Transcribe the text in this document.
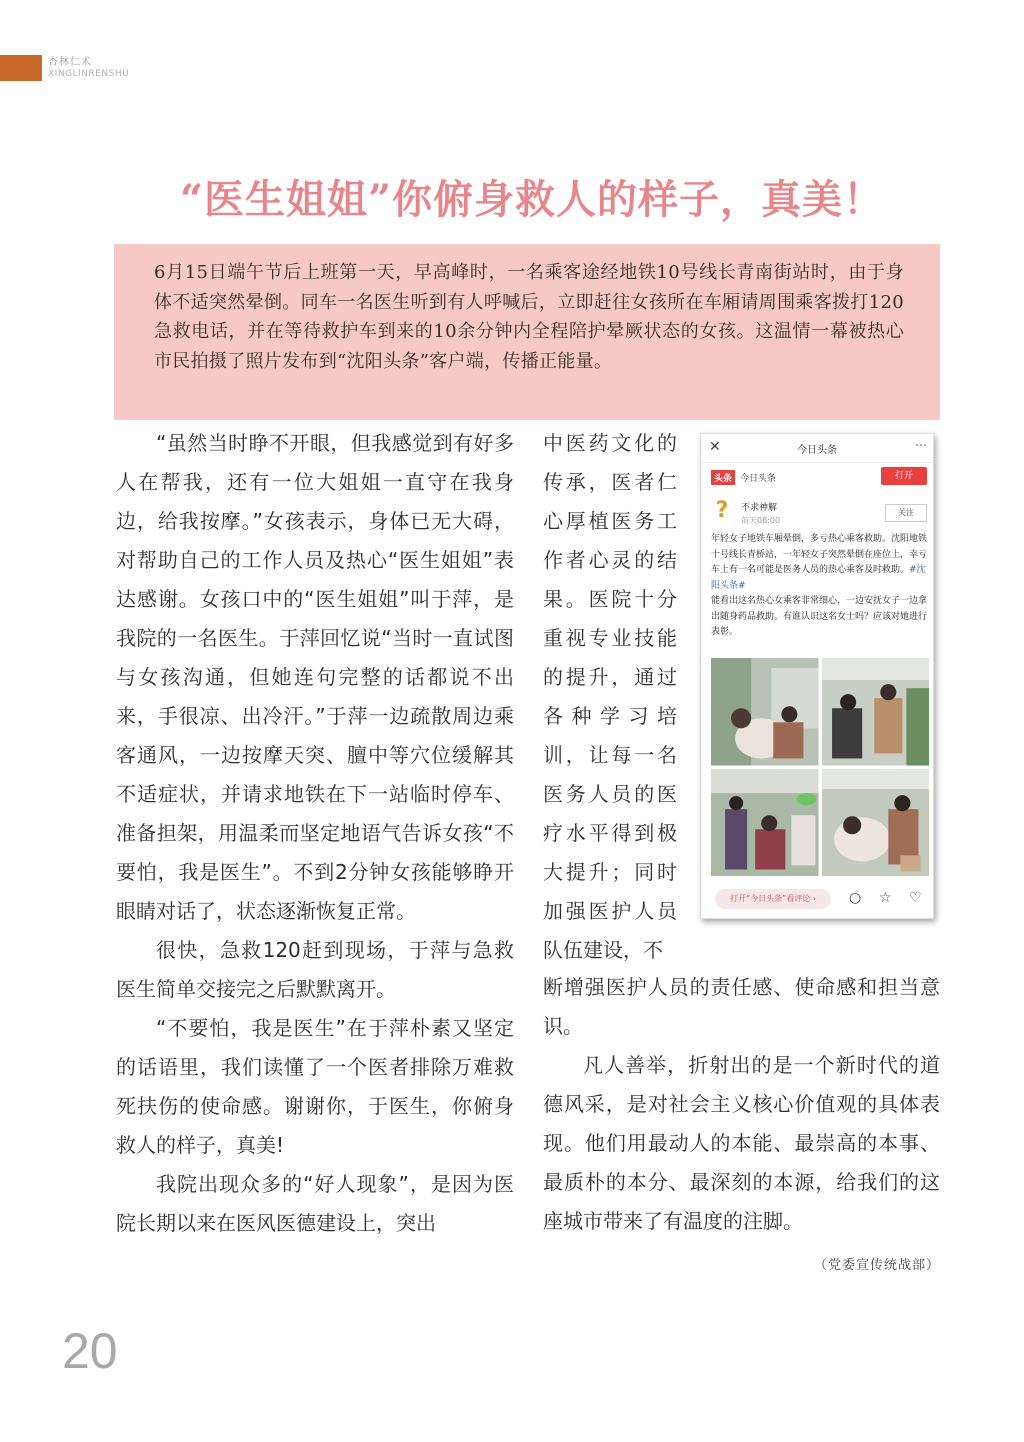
杏林仁术
XINGLINRENSHU
“医生姐姐”你俯身救人的样子，真美！

6月15日端午节后上班第一天，早高峰时，一名乘客途经地铁10号线长青南街站时，由于身体不适突然晕倒。同车一名医生听到有人呼喊后，立即赶往女孩所在车厢请周围乘客拨打120急救电话，并在等待救护车到来的10余分钟内全程陪护晕厥状态的女孩。这温情一幕被热心市民拍摄了照片发布到“沈阳头条”客户端，传播正能量。

“虽然当时睁不开眼，但我感觉到有好多人在帮我，还有一位大姐姐一直守在我身边，给我按摩。”女孩表示，身体已无大碍，对帮助自己的工作人员及热心“医生姐姐”表达感谢。女孩口中的“医生姐姐”叫于萍，是我院的一名医生。于萍回忆说“当时一直试图与女孩沟通，但她连句完整的话都说不出来，手很凉、出冷汗。”于萍一边疏散周边乘客通风，一边按摩天突、膻中等穴位缓解其不适症状，并请求地铁在下一站临时停车、准备担架，用温柔而坚定地语气告诉女孩“不要怕，我是医生”。不到2分钟女孩能够睁开眼睛对话了，状态逐渐恢复正常。

很快，急救120赶到现场，于萍与急救医生简单交接完之后默默离开。

“不要怕，我是医生”在于萍朴素又坚定的话语里，我们读懂了一个医者排除万难救死扶伤的使命感。谢谢你，于医生，你俯身救人的样子，真美!

我院出现众多的“好人现象”，是因为医院长期以来在医风医德建设上，突出

中医药文化的传承，医者仁心厚植医务工作者心灵的结果。医院十分重视专业技能的提升，通过各种学习培训，让每一名医务人员的医疗水平得到极大提升；同时加强医护人员队伍建设，不

今日头条
✕	⋯
头条 今日头条	打开
?	不求神解
前天08:00
关注
年轻女子地铁车厢晕倒，多亏热心乘客救助。沈阳地铁十号线长青桥站，一年轻女子突然晕倒在座位上，幸亏车上有一名可能是医务人员的热心乘客及时救助。#沈阳头条#
能看出这名热心女乘客非常细心，一边安抚女子一边拿出随身药品救助。有谁认识这名女士吗？应该对她进行表彰。
打开“今日头条”看评论 ›	○ ☆ ♡

断增强医护人员的责任感、使命感和担当意识。

凡人善举，折射出的是一个新时代的道德风采，是对社会主义核心价值观的具体表现。他们用最动人的本能、最崇高的本事、最质朴的本分、最深刻的本源，给我们的这座城市带来了有温度的注脚。

（党委宣传统战部）
20
